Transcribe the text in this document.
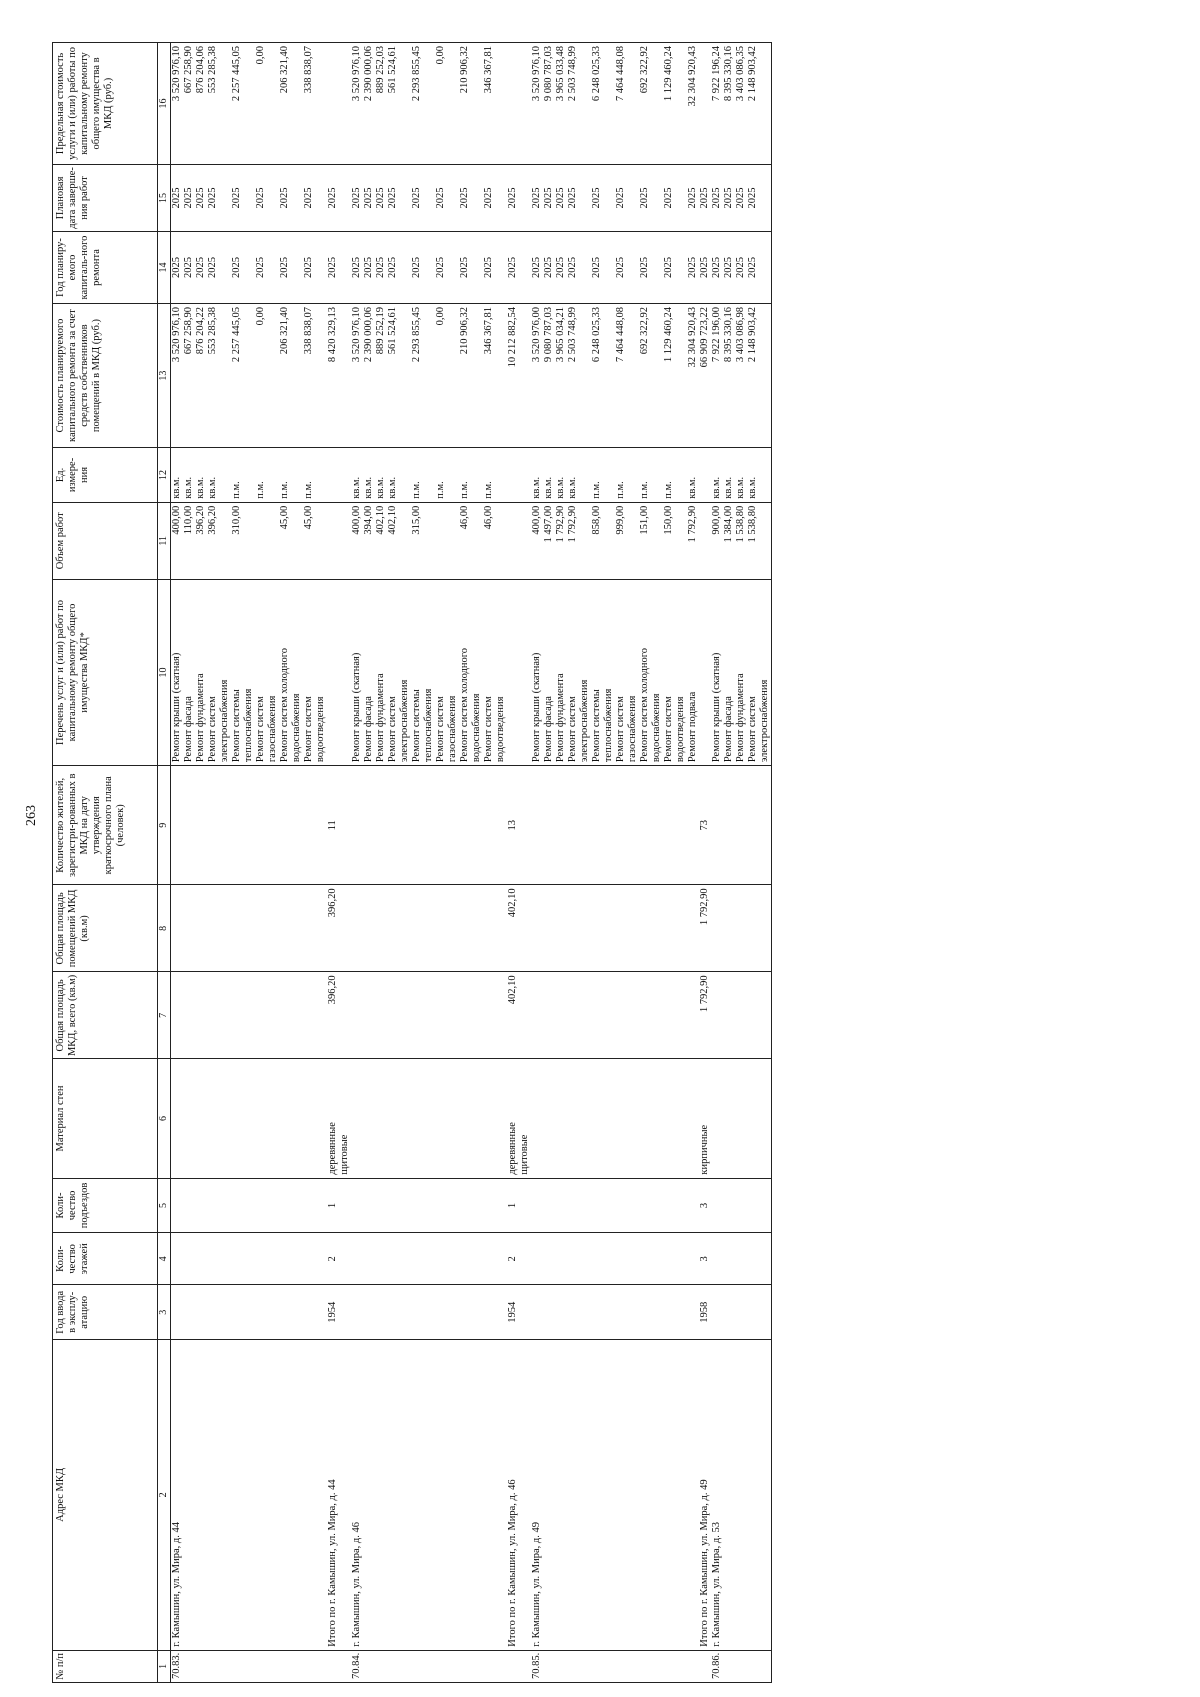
263
№ п/п	Адрес МКД	Год ввода в эксплу-атацию	Коли-чество этажей	Коли-чество подъездов	Материал стен	Общая площадь МКД, всего (кв.м)	Общая площадь помещений МКД (кв.м)	Количество жителей, зарегистри-рованных в МКД на дату утверждения краткосрочного плана (человек)	Перечень услуг и (или) работ по капитальному ремонту общего имущества МКД*	Объем работ	Ед. измере-ния	Стоимость планируемого капитального ремонта за счет средств собственников помещений в МКД (руб.)	Год планиру-емого капиталь-ного ремонта	Плановая дата заверше-ния работ	Предельная стоимость услуги и (или) работы по капитальному ремонту общего имущества в МКД (руб.)
1	2	3	4	5	6	7	8	9	10	11	12	13	14	15	16
70.83.	г. Камышин, ул. Мира, д. 44								Ремонт крыши (скатная)	400,00	кв.м.	3 520 976,10	2025	2025	3 520 976,10

									Ремонт фасада	110,00	кв.м.	667 258,90	2025	2025	667 258,90
									Ремонт фундамента	396,20	кв.м.	876 204,22	2025	2025	876 204,06
									Ремонт систем	396,20	кв.м.	553 285,38	2025	2025	553 285,38
									электроснабжения						
									Ремонт системы	310,00	п.м.	2 257 445,05	2025	2025	2 257 445,05
									теплоснабжения						
									Ремонт систем		п.м.	0,00	2025	2025	0,00
									газоснабжения						
									Ремонт систем холодного	45,00	п.м.	206 321,40	2025	2025	206 321,40
									водоснабжения						
									Ремонт систем	45,00	п.м.	338 838,07	2025	2025	338 838,07
									водоотведения						
	Итого по г. Камышин, ул. Мира, д. 44	1954	2	1	деревянные	396,20	396,20	11				8 420 329,13	2025	2025	
					щитовые										
70.84.	г. Камышин, ул. Мира, д. 46								Ремонт крыши (скатная)	400,00	кв.м.	3 520 976,10	2025	2025	3 520 976,10

									Ремонт фасада	394,00	кв.м.	2 390 000,06	2025	2025	2 390 000,06
									Ремонт фундамента	402,10	кв.м.	889 252,19	2025	2025	889 252,03
									Ремонт систем	402,10	кв.м.	561 524,61	2025	2025	561 524,61
									электроснабжения						
									Ремонт системы	315,00	п.м.	2 293 855,45	2025	2025	2 293 855,45
									теплоснабжения						
									Ремонт систем		п.м.	0,00	2025	2025	0,00
									газоснабжения						
									Ремонт систем холодного	46,00	п.м.	210 906,32	2025	2025	210 906,32
									водоснабжения						
									Ремонт систем	46,00	п.м.	346 367,81	2025	2025	346 367,81
									водоотведения						
	Итого по г. Камышин, ул. Мира, д. 46	1954	2	1	деревянные	402,10	402,10	13				10 212 882,54	2025	2025	
					щитовые										
70.85.	г. Камышин, ул. Мира, д. 49								Ремонт крыши (скатная)	400,00	кв.м.	3 520 976,00	2025	2025	3 520 976,10
									Ремонт фасада	1 497,00	кв.м.	9 080 787,03	2025	2025	9 080 787,03
									Ремонт фундамента	1 792,90	кв.м.	3 965 034,21	2025	2025	3 965 033,48
									Ремонт систем	1 792,90	кв.м.	2 503 748,99	2025	2025	2 503 748,99
									электроснабжения						
									Ремонт системы	858,00	п.м.	6 248 025,33	2025	2025	6 248 025,33
									теплоснабжения						
									Ремонт систем	999,00	п.м.	7 464 448,08	2025	2025	7 464 448,08
									газоснабжения						
									Ремонт систем холодного	151,00	п.м.	692 322,92	2025	2025	692 322,92
									водоснабжения						
									Ремонт систем	150,00	п.м.	1 129 460,24	2025	2025	1 129 460,24
									водоотведения						
									Ремонт подвала	1 792,90	кв.м.	32 304 920,43	2025	2025	32 304 920,43
	Итого по г. Камышин, ул. Мира, д. 49	1958	3	3	кирпичные	1 792,90	1 792,90	73				66 909 723,22	2025	2025	
70.86.	г. Камышин, ул. Мира, д. 53								Ремонт крыши (скатная)	900,00	кв.м.	7 922 196,00	2025	2025	7 922 196,24
									Ремонт фасада	1 384,00	кв.м.	8 395 330,16	2025	2025	8 395 330,16
									Ремонт фундамента	1 538,80	кв.м.	3 403 086,98	2025	2025	3 403 086,35
									Ремонт систем	1 538,80	кв.м.	2 148 903,42	2025	2025	2 148 903,42
									электроснабжения						
